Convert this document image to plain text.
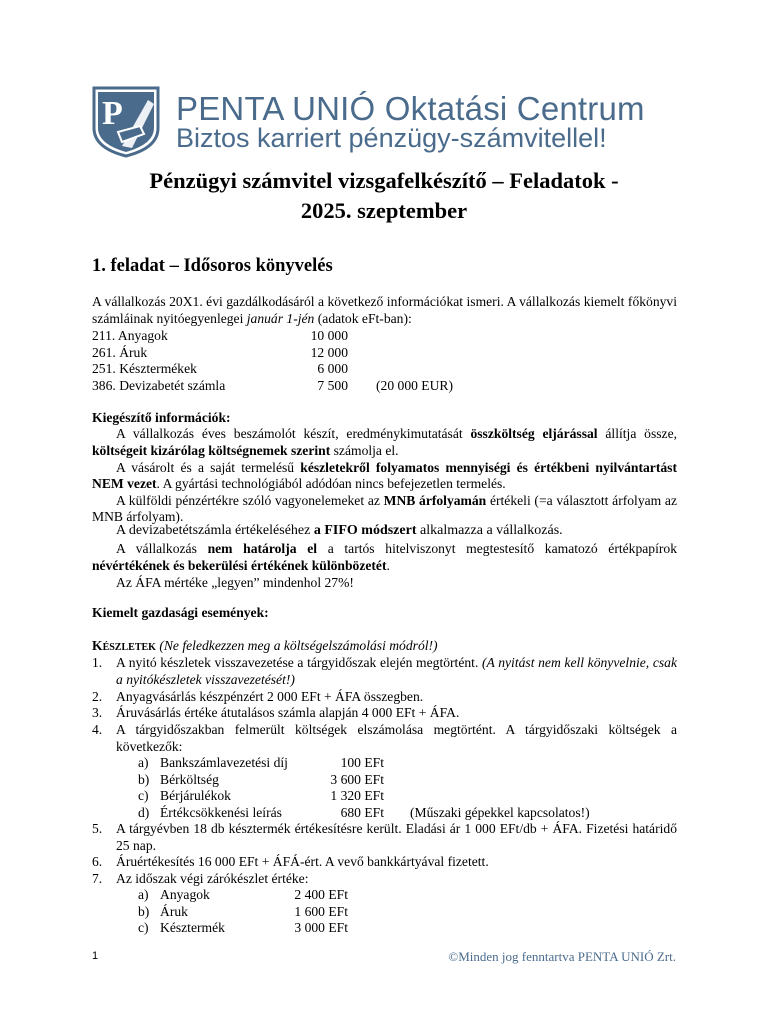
P PENTA UNIÓ Oktatási Centrum
Biztos karriert pénzügy-számvitellel!
Pénzügyi számvitel vizsgafelkészítő – Feladatok -
2025. szeptember
1. feladat – Idősoros könyvelés
A vállalkozás 20X1. évi gazdálkodásáról a következő információkat ismeri. A vállalkozás kiemelt főkönyvi számláinak nyitóegyenlegei január 1-jén (adatok eFt-ban):
211. Anyagok	10 000
261. Áruk	12 000
251. Késztermékek	6 000
386. Devizabetét számla	7 500 (20 000 EUR)
Kiegészítő információk:
A vállalkozás éves beszámolót készít, eredménykimutatását összköltség eljárással állítja össze, költségeit kizárólag költségnemek szerint számolja el.
A vásárolt és a saját termelésű készletekről folyamatos mennyiségi és értékbeni nyilvántartást NEM vezet. A gyártási technológiából adódóan nincs befejezetlen termelés.
A külföldi pénzértékre szóló vagyonelemeket az MNB árfolyamán értékeli (=a választott árfolyam az MNB árfolyam).
A devizabetétszámla értékeléséhez a FIFO módszert alkalmazza a vállalkozás.
A vállalkozás nem határolja el a tartós hitelviszonyt megtestesítő kamatozó értékpapírok névértékének és bekerülési értékének különbözetét.
Az ÁFA mértéke „legyen” mindenhol 27%!
Kiemelt gazdasági események:
Készletek (Ne feledkezzen meg a költségelszámolási módról!)
1. A nyitó készletek visszavezetése a tárgyidőszak elején megtörtént. (A nyitást nem kell könyvelnie, csak a nyitókészletek visszavezetését!)
2. Anyagvásárlás készpénzért 2 000 EFt + ÁFA összegben.
3. Áruvásárlás értéke átutalásos számla alapján 4 000 EFt + ÁFA.
4. A tárgyidőszakban felmerült költségek elszámolása megtörtént. A tárgyidőszaki költségek a következők:
a) Bankszámlavezetési díj	100 EFt
b) Bérköltség	3 600 EFt
c) Bérjárulékok	1 320 EFt
d) Értékcsökkenési leírás	680 EFt (Műszaki gépekkel kapcsolatos!)
5. A tárgyévben 18 db késztermék értékesítésre került. Eladási ár 1 000 EFt/db + ÁFA. Fizetési határidő 25 nap.
6. Áruértékesítés 16 000 EFt + ÁFÁ-ért. A vevő bankkártyával fizetett.
7. Az időszak végi zárókészlet értéke:
a) Anyagok	2 400 EFt
b) Áruk	1 600 EFt
c) Késztermék	3 000 EFt
1	©Minden jog fenntartva PENTA UNIÓ Zrt.
